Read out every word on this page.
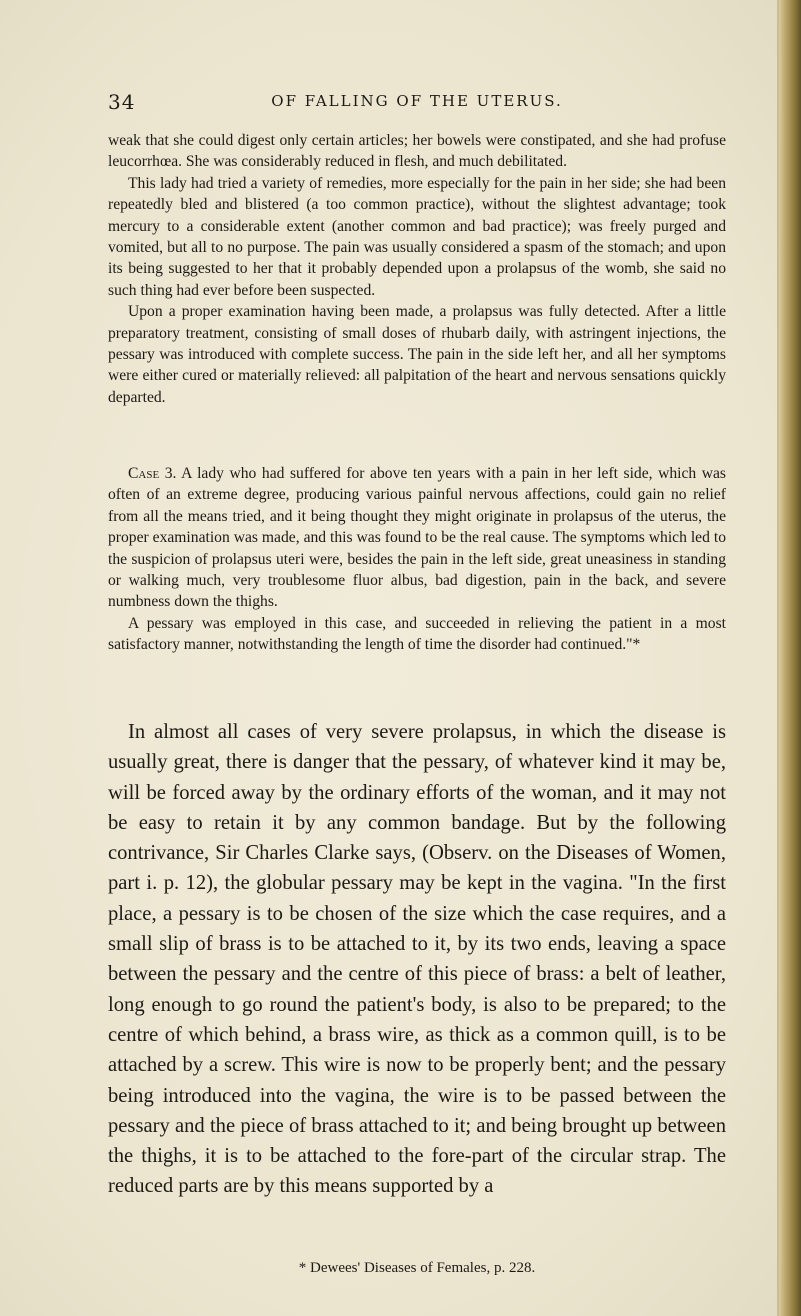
34	OF FALLING OF THE UTERUS.

weak that she could digest only certain articles; her bowels were constipated, and she had profuse leucorrhœa. She was considerably reduced in flesh, and much debilitated.

This lady had tried a variety of remedies, more especially for the pain in her side; she had been repeatedly bled and blistered (a too common practice), without the slightest advantage; took mercury to a considerable extent (another common and bad practice); was freely purged and vomited, but all to no purpose. The pain was usually considered a spasm of the stomach; and upon its being suggested to her that it probably depended upon a prolapsus of the womb, she said no such thing had ever before been suspected.

Upon a proper examination having been made, a prolapsus was fully detected. After a little preparatory treatment, consisting of small doses of rhubarb daily, with astringent injections, the pessary was introduced with complete success. The pain in the side left her, and all her symptoms were either cured or materially relieved: all palpitation of the heart and nervous sensations quickly departed.

Case 3. A lady who had suffered for above ten years with a pain in her left side, which was often of an extreme degree, producing various painful nervous affections, could gain no relief from all the means tried, and it being thought they might originate in prolapsus of the uterus, the proper examination was made, and this was found to be the real cause. The symptoms which led to the suspicion of prolapsus uteri were, besides the pain in the left side, great uneasiness in standing or walking much, very troublesome fluor albus, bad digestion, pain in the back, and severe numbness down the thighs.

A pessary was employed in this case, and succeeded in relieving the patient in a most satisfactory manner, notwithstanding the length of time the disorder had continued."*

In almost all cases of very severe prolapsus, in which the disease is usually great, there is danger that the pessary, of whatever kind it may be, will be forced away by the ordinary efforts of the woman, and it may not be easy to retain it by any common bandage. But by the following contrivance, Sir Charles Clarke says, (Observ. on the Diseases of Women, part i. p. 12), the globular pessary may be kept in the vagina. "In the first place, a pessary is to be chosen of the size which the case requires, and a small slip of brass is to be attached to it, by its two ends, leaving a space between the pessary and the centre of this piece of brass: a belt of leather, long enough to go round the patient's body, is also to be prepared; to the centre of which behind, a brass wire, as thick as a common quill, is to be attached by a screw. This wire is now to be properly bent; and the pessary being introduced into the vagina, the wire is to be passed between the pessary and the piece of brass attached to it; and being brought up between the thighs, it is to be attached to the fore-part of the circular strap. The reduced parts are by this means supported by a

* Dewees' Diseases of Females, p. 228.
